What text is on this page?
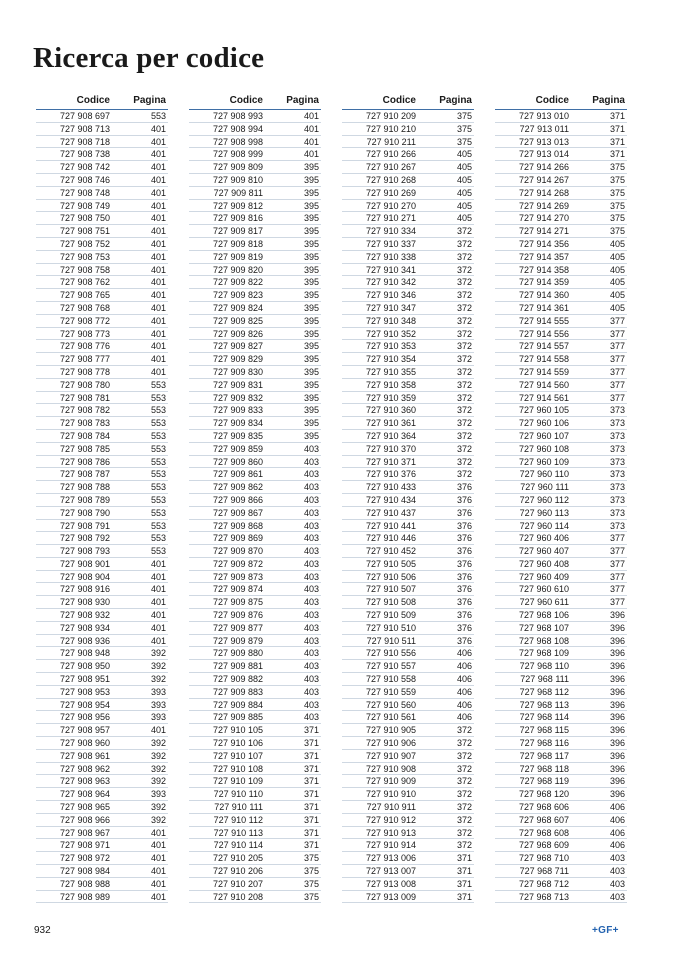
Ricerca per codice
Codice Pagina
727 908 697	553
727 908 713	401
727 908 718	401
727 908 738	401
727 908 742	401
727 908 746	401
727 908 748	401
727 908 749	401
727 908 750	401
727 908 751	401
727 908 752	401
727 908 753	401
727 908 758	401
727 908 762	401
727 908 765	401
727 908 768	401
727 908 772	401
727 908 773	401
727 908 776	401
727 908 777	401
727 908 778	401
727 908 780	553
727 908 781	553
727 908 782	553
727 908 783	553
727 908 784	553
727 908 785	553
727 908 786	553
727 908 787	553
727 908 788	553
727 908 789	553
727 908 790	553
727 908 791	553
727 908 792	553
727 908 793	553
727 908 901	401
727 908 904	401
727 908 916	401
727 908 930	401
727 908 932	401
727 908 934	401
727 908 936	401
727 908 948	392
727 908 950	392
727 908 951	392
727 908 953	393
727 908 954	393
727 908 956	393
727 908 957	401
727 908 960	392
727 908 961	392
727 908 962	392
727 908 963	392
727 908 964	393
727 908 965	392
727 908 966	392
727 908 967	401
727 908 971	401
727 908 972	401
727 908 984	401
727 908 988	401
727 908 989	401
Codice Pagina
727 908 993	401
727 908 994	401
727 908 998	401
727 908 999	401
727 909 809	395
727 909 810	395
727 909 811	395
727 909 812	395
727 909 816	395
727 909 817	395
727 909 818	395
727 909 819	395
727 909 820	395
727 909 822	395
727 909 823	395
727 909 824	395
727 909 825	395
727 909 826	395
727 909 827	395
727 909 829	395
727 909 830	395
727 909 831	395
727 909 832	395
727 909 833	395
727 909 834	395
727 909 835	395
727 909 859	403
727 909 860	403
727 909 861	403
727 909 862	403
727 909 866	403
727 909 867	403
727 909 868	403
727 909 869	403
727 909 870	403
727 909 872	403
727 909 873	403
727 909 874	403
727 909 875	403
727 909 876	403
727 909 877	403
727 909 879	403
727 909 880	403
727 909 881	403
727 909 882	403
727 909 883	403
727 909 884	403
727 909 885	403
727 910 105	371
727 910 106	371
727 910 107	371
727 910 108	371
727 910 109	371
727 910 110	371
727 910 111	371
727 910 112	371
727 910 113	371
727 910 114	371
727 910 205	375
727 910 206	375
727 910 207	375
727 910 208	375
Codice Pagina
727 910 209	375
727 910 210	375
727 910 211	375
727 910 266	405
727 910 267	405
727 910 268	405
727 910 269	405
727 910 270	405
727 910 271	405
727 910 334	372
727 910 337	372
727 910 338	372
727 910 341	372
727 910 342	372
727 910 346	372
727 910 347	372
727 910 348	372
727 910 352	372
727 910 353	372
727 910 354	372
727 910 355	372
727 910 358	372
727 910 359	372
727 910 360	372
727 910 361	372
727 910 364	372
727 910 370	372
727 910 371	372
727 910 376	372
727 910 433	376
727 910 434	376
727 910 437	376
727 910 441	376
727 910 446	376
727 910 452	376
727 910 505	376
727 910 506	376
727 910 507	376
727 910 508	376
727 910 509	376
727 910 510	376
727 910 511	376
727 910 556	406
727 910 557	406
727 910 558	406
727 910 559	406
727 910 560	406
727 910 561	406
727 910 905	372
727 910 906	372
727 910 907	372
727 910 908	372
727 910 909	372
727 910 910	372
727 910 911	372
727 910 912	372
727 910 913	372
727 910 914	372
727 913 006	371
727 913 007	371
727 913 008	371
727 913 009	371
Codice Pagina
727 913 010	371
727 913 011	371
727 913 013	371
727 913 014	371
727 914 266	375
727 914 267	375
727 914 268	375
727 914 269	375
727 914 270	375
727 914 271	375
727 914 356	405
727 914 357	405
727 914 358	405
727 914 359	405
727 914 360	405
727 914 361	405
727 914 555	377
727 914 556	377
727 914 557	377
727 914 558	377
727 914 559	377
727 914 560	377
727 914 561	377
727 960 105	373
727 960 106	373
727 960 107	373
727 960 108	373
727 960 109	373
727 960 110	373
727 960 111	373
727 960 112	373
727 960 113	373
727 960 114	373
727 960 406	377
727 960 407	377
727 960 408	377
727 960 409	377
727 960 610	377
727 960 611	377
727 968 106	396
727 968 107	396
727 968 108	396
727 968 109	396
727 968 110	396
727 968 111	396
727 968 112	396
727 968 113	396
727 968 114	396
727 968 115	396
727 968 116	396
727 968 117	396
727 968 118	396
727 968 119	396
727 968 120	396
727 968 606	406
727 968 607	406
727 968 608	406
727 968 609	406
727 968 710	403
727 968 711	403
727 968 712	403
727 968 713	403
932	+GF+
